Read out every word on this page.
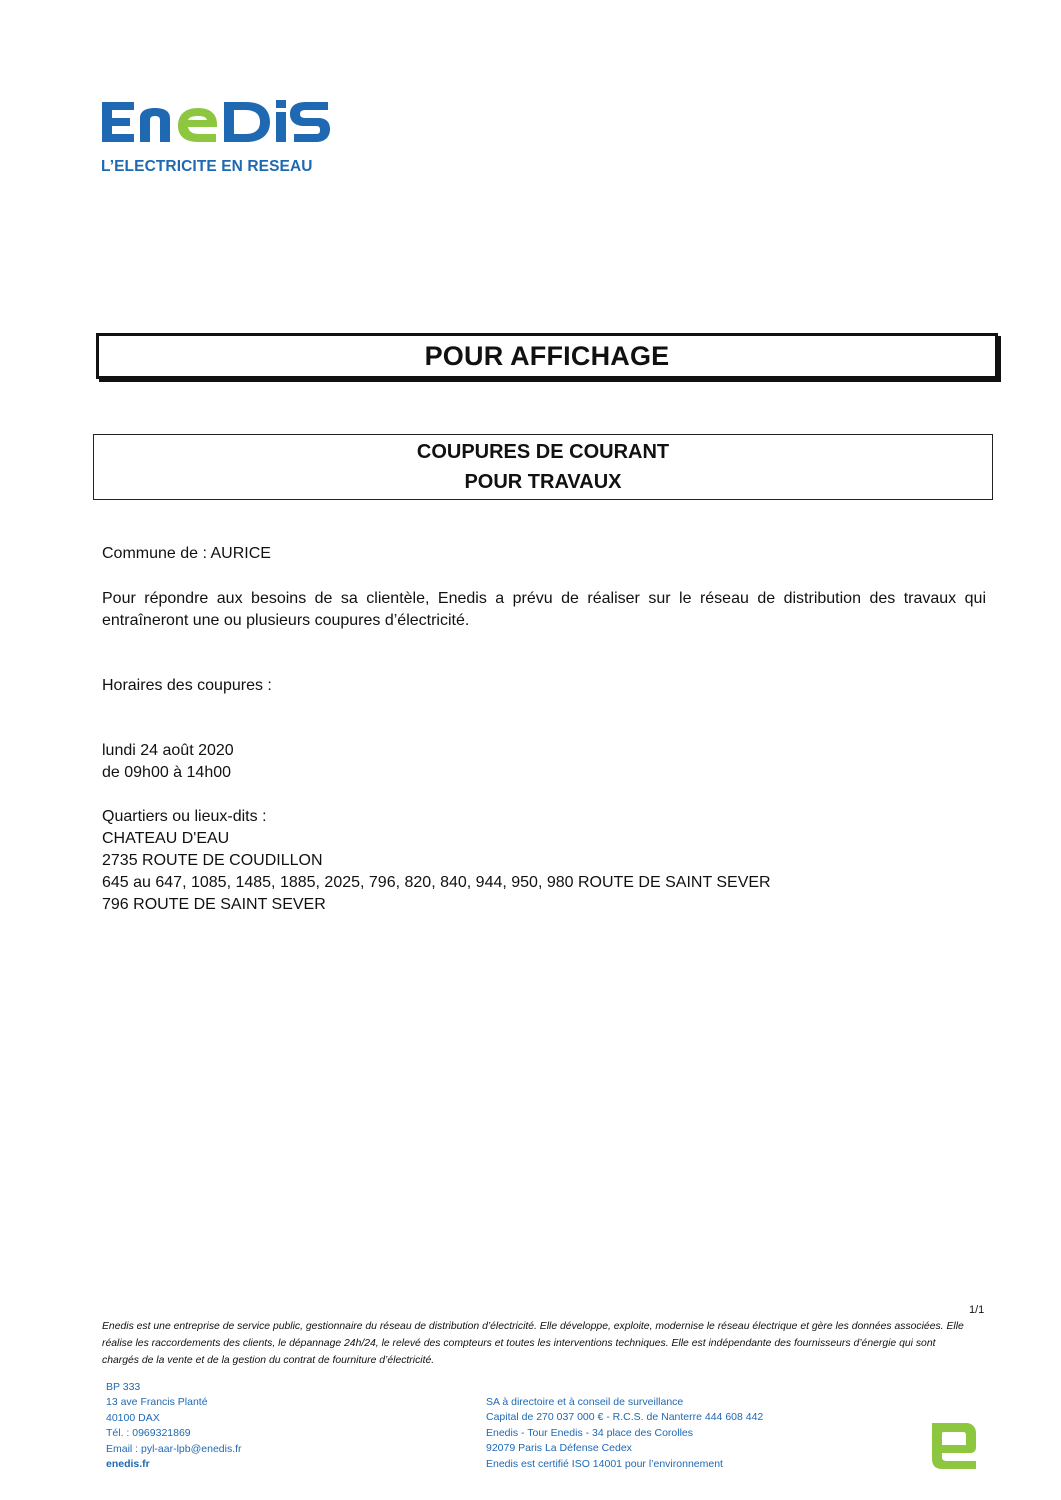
L’ELECTRICITE EN RESEAU
POUR AFFICHAGE
COUPURES DE COURANT
POUR TRAVAUX
Commune de : AURICE
Pour répondre aux besoins de sa clientèle, Enedis a prévu de réaliser sur le réseau de distribution des travaux qui entraîneront une ou plusieurs coupures d’électricité.
Horaires des coupures :
lundi 24 août 2020
de 09h00 à 14h00
Quartiers ou lieux-dits :
CHATEAU D'EAU
2735 ROUTE DE COUDILLON
645 au 647, 1085, 1485, 1885, 2025, 796, 820, 840, 944, 950, 980 ROUTE DE SAINT SEVER
796 ROUTE DE SAINT SEVER
1/1
Enedis est une entreprise de service public, gestionnaire du réseau de distribution d’électricité. Elle développe, exploite, modernise le réseau électrique et gère les données associées. Elle réalise les raccordements des clients, le dépannage 24h/24, le relevé des compteurs et toutes les interventions techniques. Elle est indépendante des fournisseurs d’énergie qui sont chargés de la vente et de la gestion du contrat de fourniture d’électricité.
BP 333
13 ave Francis Planté
40100 DAX
Tél. : 0969321869
Email : pyl-aar-lpb@enedis.fr
enedis.fr
SA à directoire et à conseil de surveillance
Capital de 270 037 000 € - R.C.S. de Nanterre 444 608 442
Enedis - Tour Enedis - 34 place des Corolles
92079 Paris La Défense Cedex
Enedis est certifié ISO 14001 pour l’environnement
